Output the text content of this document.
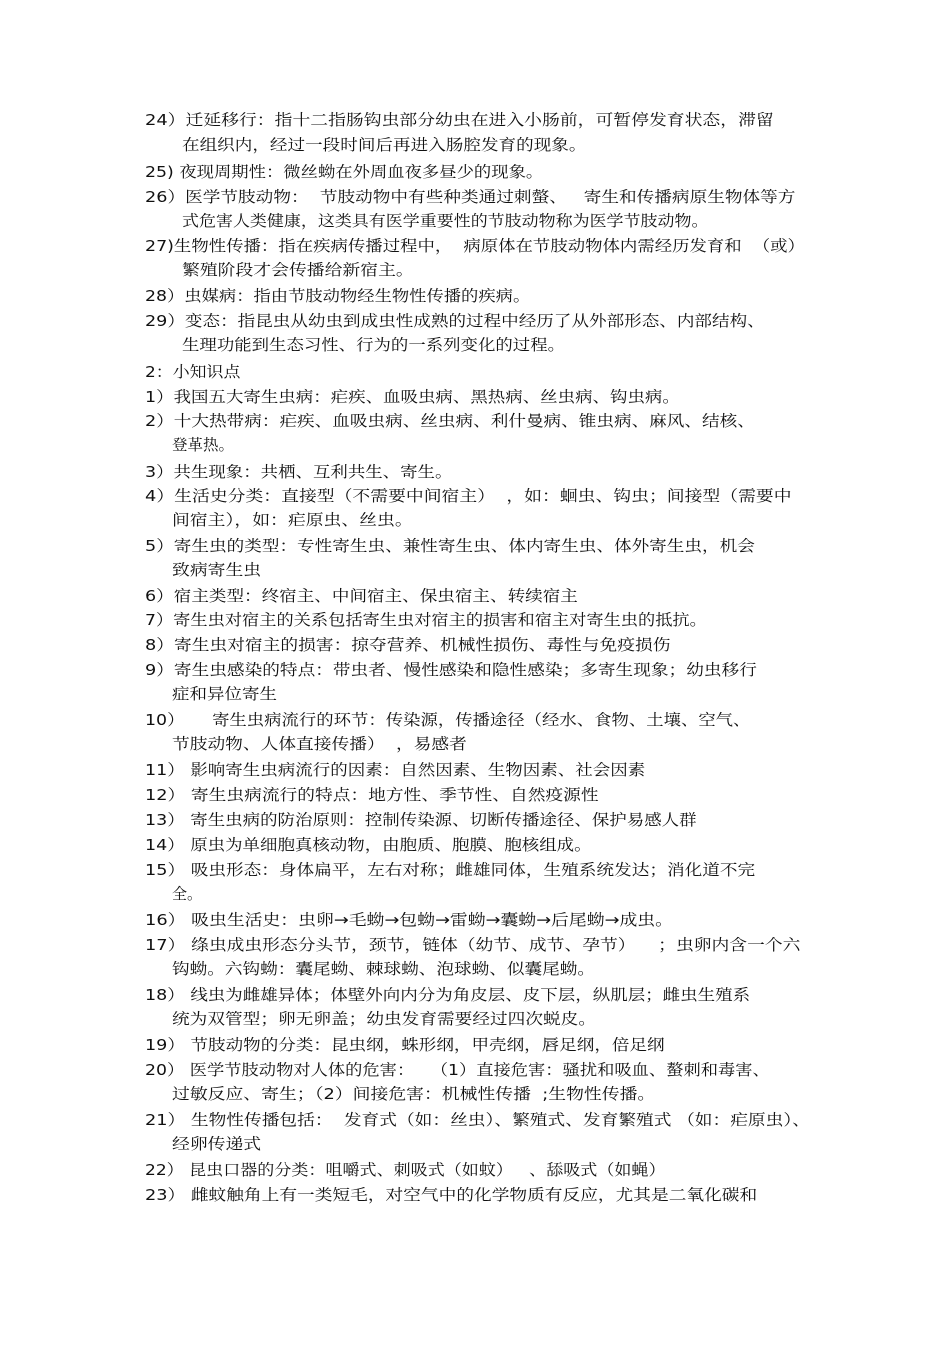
24）迁延移行：指十二指肠钩虫部分幼虫在进入小肠前，可暂停发育状态，滞留
在组织内，经过一段时间后再进入肠腔发育的现象。
25) 夜现周期性：微丝蚴在外周血夜多昼少的现象。
26）医学节肢动物：  节肢动物中有些种类通过刺螫、   寄生和传播病原生物体等方
式危害人类健康，这类具有医学重要性的节肢动物称为医学节肢动物。
27)生物性传播：指在疾病传播过程中，  病原体在节肢动物体内需经历发育和  （或）
繁殖阶段才会传播给新宿主。
28）虫媒病：指由节肢动物经生物性传播的疾病。
29）变态：指昆虫从幼虫到成虫性成熟的过程中经历了从外部形态、内部结构、
生理功能到生态习性、行为的一系列变化的过程。
2：小知识点
1）我国五大寄生虫病：疟疾、血吸虫病、黑热病、丝虫病、钩虫病。
2）十大热带病：疟疾、血吸虫病、丝虫病、利什曼病、锥虫病、麻风、结核、
登革热。
3）共生现象：共栖、互利共生、寄生。
4）生活史分类：直接型（不需要中间宿主）  ，如：蛔虫、钩虫；间接型（需要中
间宿主），如：疟原虫、丝虫。
5）寄生虫的类型：专性寄生虫、兼性寄生虫、体内寄生虫、体外寄生虫，机会
致病寄生虫
6）宿主类型：终宿主、中间宿主、保虫宿主、转续宿主
7）寄生虫对宿主的关系包括寄生虫对宿主的损害和宿主对寄生虫的抵抗。
8）寄生虫对宿主的损害：掠夺营养、机械性损伤、毒性与免疫损伤
9）寄生虫感染的特点：带虫者、慢性感染和隐性感染；多寄生现象；幼虫移行
症和异位寄生
10）     寄生虫病流行的环节：传染源，传播途径（经水、食物、土壤、空气、
节肢动物、人体直接传播）  ，易感者
11） 影响寄生虫病流行的因素：自然因素、生物因素、社会因素
12） 寄生虫病流行的特点：地方性、季节性、自然疫源性
13） 寄生虫病的防治原则：控制传染源、切断传播途径、保护易感人群
14） 原虫为单细胞真核动物，由胞质、胞膜、胞核组成。
15） 吸虫形态：身体扁平，左右对称；雌雄同体，生殖系统发达；消化道不完
全。
16） 吸虫生活史：虫卵→毛蚴→包蚴→雷蚴→囊蚴→后尾蚴→成虫。
17） 绦虫成虫形态分头节，颈节，链体（幼节、成节、孕节）    ；虫卵内含一个六
钩蚴。六钩蚴：囊尾蚴、棘球蚴、泡球蚴、似囊尾蚴。
18） 线虫为雌雄异体；体壁外向内分为角皮层、皮下层，纵肌层；雌虫生殖系
统为双管型；卵无卵盖；幼虫发育需要经过四次蜕皮。
19） 节肢动物的分类：昆虫纲，蛛形纲，甲壳纲，唇足纲，倍足纲
20） 医学节肢动物对人体的危害：   （1）直接危害：骚扰和吸血、螯刺和毒害、
过敏反应、寄生；（2）间接危害：机械性传播  ;生物性传播。
21） 生物性传播包括：  发育式（如：丝虫）、繁殖式、发育繁殖式 （如：疟原虫）、
经卵传递式
22） 昆虫口器的分类：咀嚼式、刺吸式（如蚊）   、舔吸式（如蝇）
23） 雌蚊触角上有一类短毛，对空气中的化学物质有反应，尤其是二氧化碳和
